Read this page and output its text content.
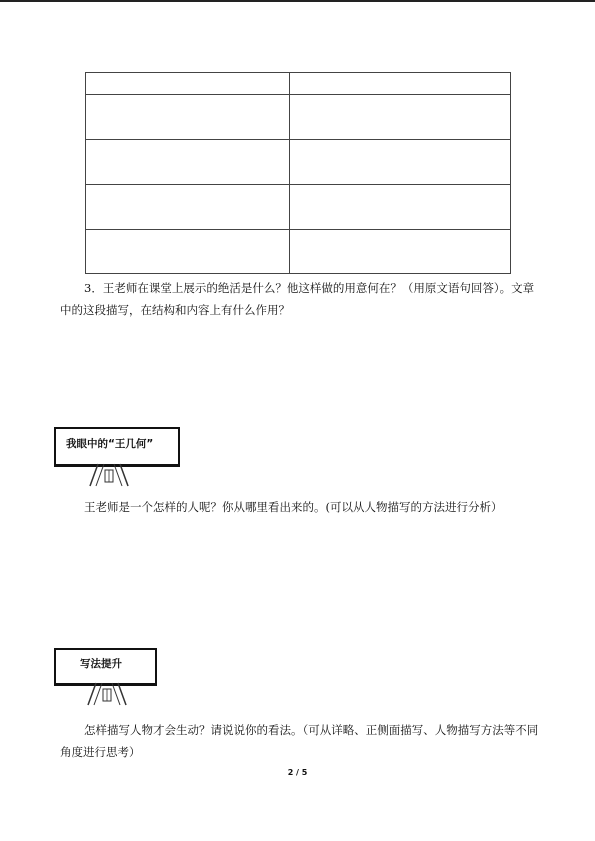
3．王老师在课堂上展示的绝活是什么？他这样做的用意何在？（用原文语句回答）。文章中的这段描写，在结构和内容上有什么作用？

我眼中的“王几何”

王老师是一个怎样的人呢？你从哪里看出来的。(可以从人物描写的方法进行分析）

写法提升

怎样描写人物才会生动？请说说你的看法。（可从详略、正侧面描写、人物描写方法等不同角度进行思考）

2 / 5
